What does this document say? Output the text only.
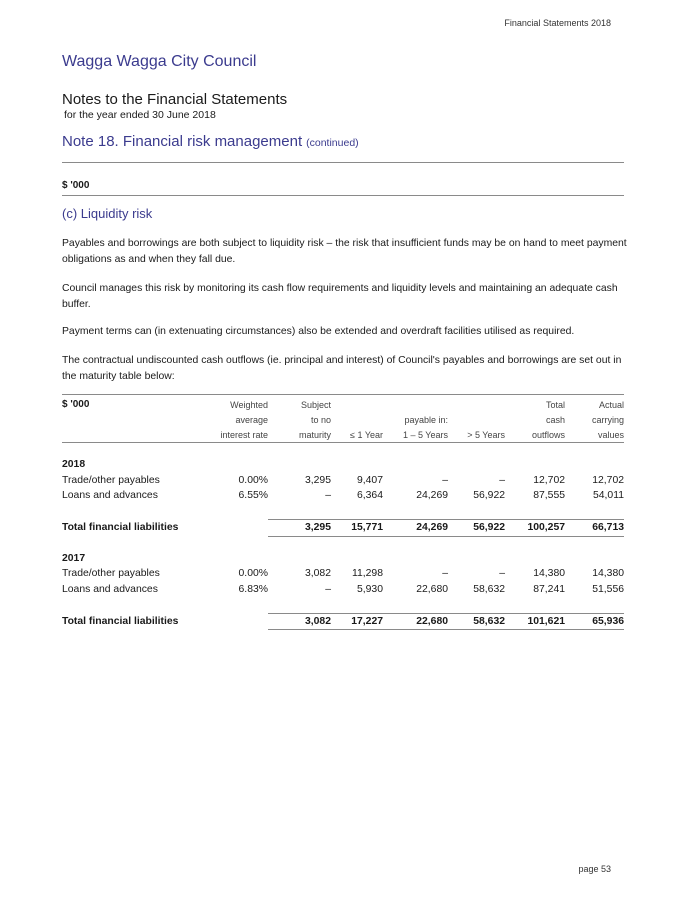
Financial Statements 2018
Wagga Wagga City Council
Notes to the Financial Statements
for the year ended 30 June 2018
Note 18. Financial risk management (continued)
$ '000
(c) Liquidity risk
Payables and borrowings are both subject to liquidity risk – the risk that insufficient funds may be on hand to meet payment obligations as and when they fall due.
Council manages this risk by monitoring its cash flow requirements and liquidity levels and maintaining an adequate cash buffer.
Payment terms can (in extenuating circumstances) also be extended and overdraft facilities utilised as required.
The contractual undiscounted cash outflows (ie. principal and interest) of Council's payables and borrowings are set out in the maturity table below:
$ '000	Weighted	Subject				Total	Actual
	average	to no		payable in:		cash	carrying
	interest rate	maturity	≤ 1 Year	1 – 5 Years	> 5 Years	outflows	values
2018							
Trade/other payables	0.00%	3,295	9,407	–	–	12,702	12,702
Loans and advances	6.55%	–	6,364	24,269	56,922	87,555	54,011

Total financial liabilities		3,295	15,771	24,269	56,922	100,257	66,713
2017							
Trade/other payables	0.00%	3,082	11,298	–	–	14,380	14,380
Loans and advances	6.83%	–	5,930	22,680	58,632	87,241	51,556

Total financial liabilities		3,082	17,227	22,680	58,632	101,621	65,936
page 53
